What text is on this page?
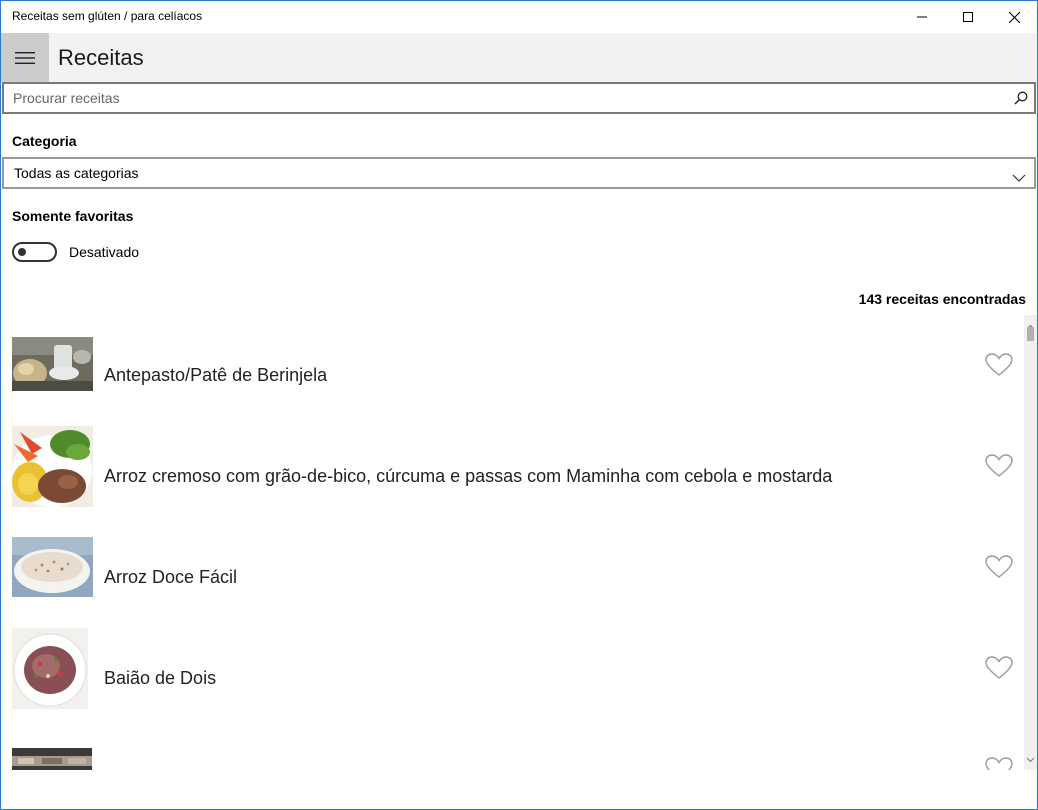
Receitas sem glúten / para celíacos
Receitas
Procurar receitas
Categoria
Todas as categorias
Somente favoritas
Desativado
143 receitas encontradas
Antepasto/Patê de Berinjela
Arroz cremoso com grão-de-bico, cúrcuma e passas com Maminha com cebola e mostarda
Arroz Doce Fácil
Baião de Dois
